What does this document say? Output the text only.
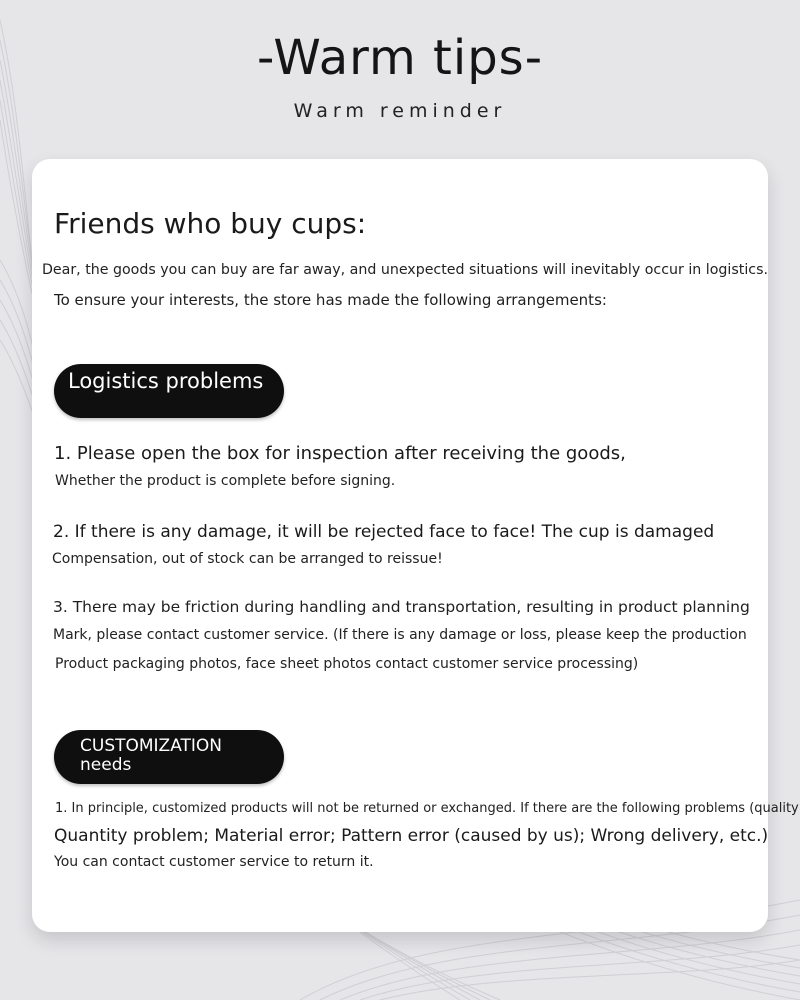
-Warm tips-
Warm reminder
Friends who buy cups:
Dear, the goods you can buy are far away, and unexpected situations will inevitably occur in logistics.
To ensure your interests, the store has made the following arrangements:
Logistics problems
1. Please open the box for inspection after receiving the goods,
Whether the product is complete before signing.
2. If there is any damage, it will be rejected face to face! The cup is damaged
Compensation, out of stock can be arranged to reissue!
3. There may be friction during handling and transportation, resulting in product planning
Mark, please contact customer service. (If there is any damage or loss, please keep the production
Product packaging photos, face sheet photos contact customer service processing)
CUSTOMIZATION needs
1. In principle, customized products will not be returned or exchanged. If there are the following problems (quality
Quantity problem; Material error; Pattern error (caused by us); Wrong delivery, etc.)
You can contact customer service to return it.
